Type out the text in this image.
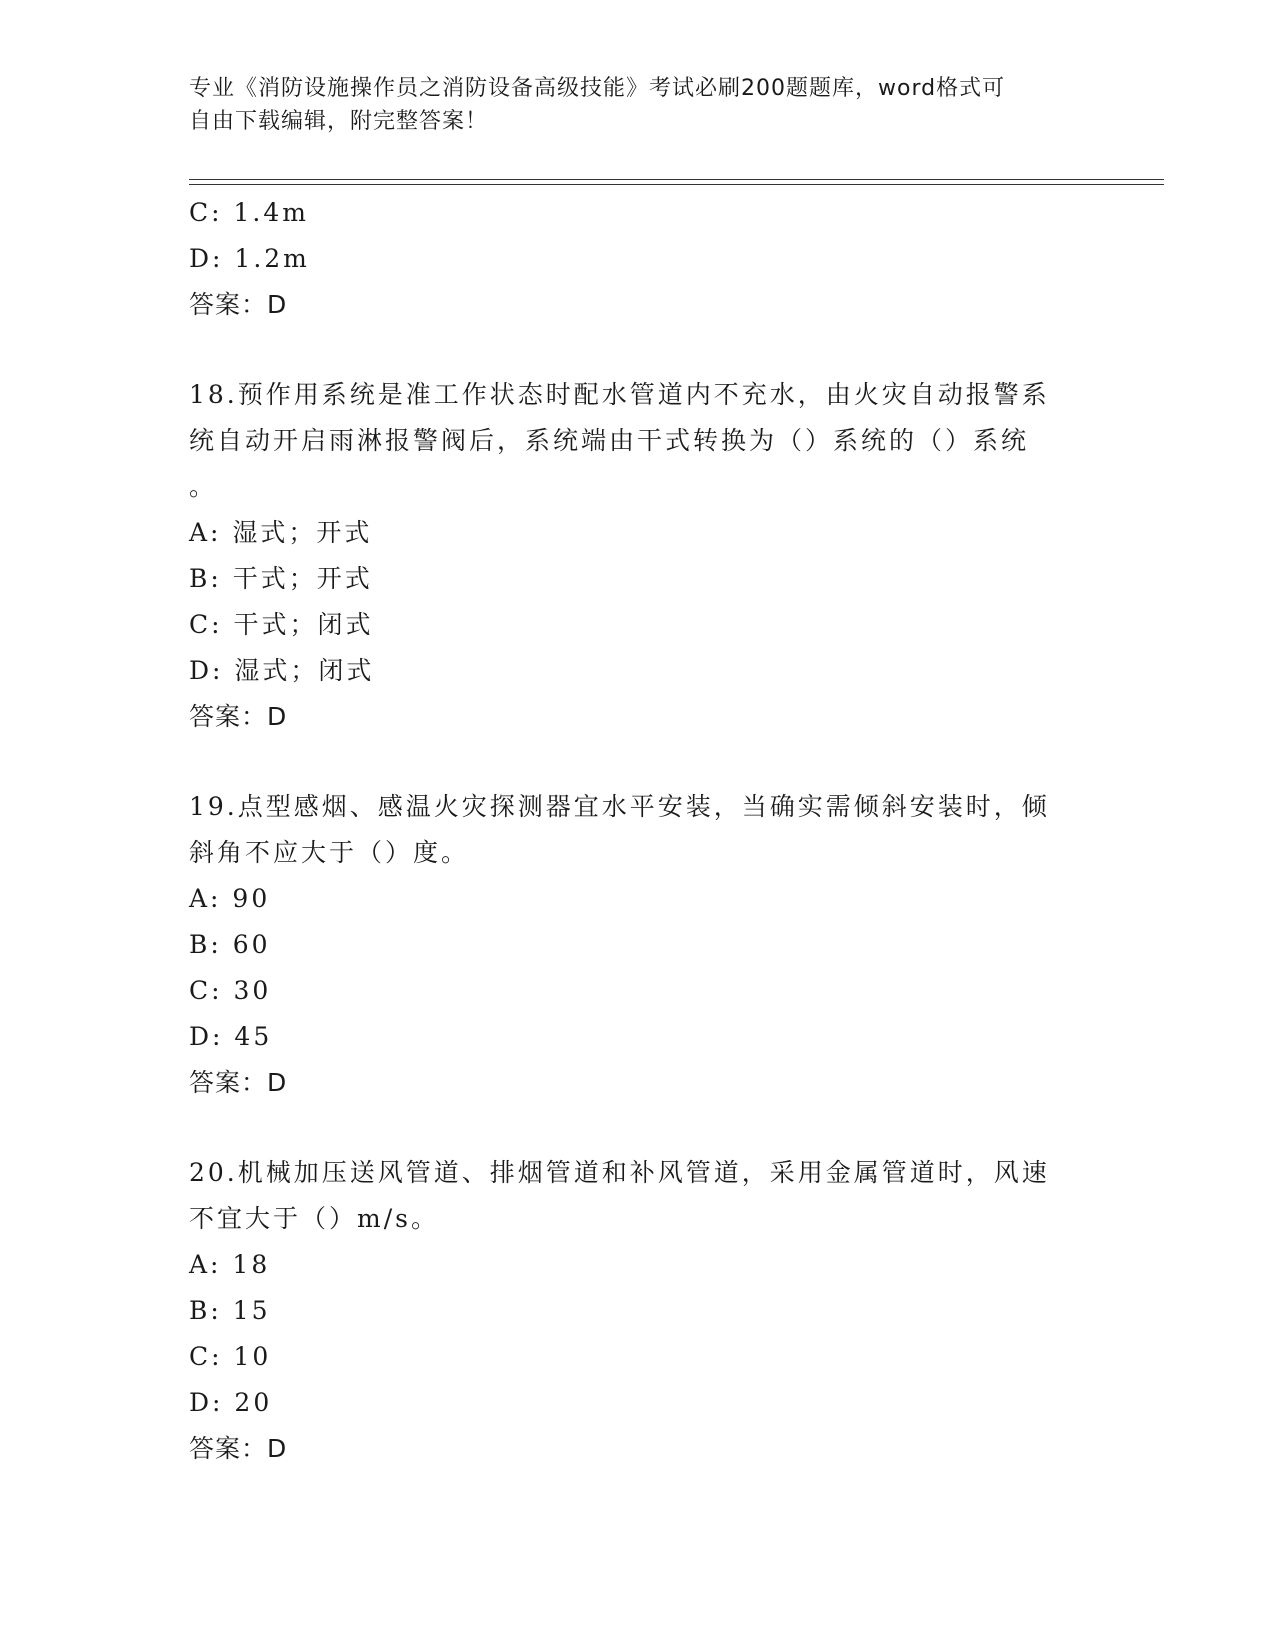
专业《消防设施操作员之消防设备高级技能》考试必刷200题题库，word格式可
自由下载编辑，附完整答案！
C: 1.4m
D: 1.2m
答案：D
18.预作用系统是准工作状态时配水管道内不充水，由火灾自动报警系
统自动开启雨淋报警阀后，系统端由干式转换为（）系统的（）系统
。
A: 湿式；开式
B: 干式；开式
C: 干式；闭式
D: 湿式；闭式
答案：D
19.点型感烟、感温火灾探测器宜水平安装，当确实需倾斜安装时，倾
斜角不应大于（）度。
A: 90
B: 60
C: 30
D: 45
答案：D
20.机械加压送风管道、排烟管道和补风管道，采用金属管道时，风速
不宜大于（）m/s。
A: 18
B: 15
C: 10
D: 20
答案：D
